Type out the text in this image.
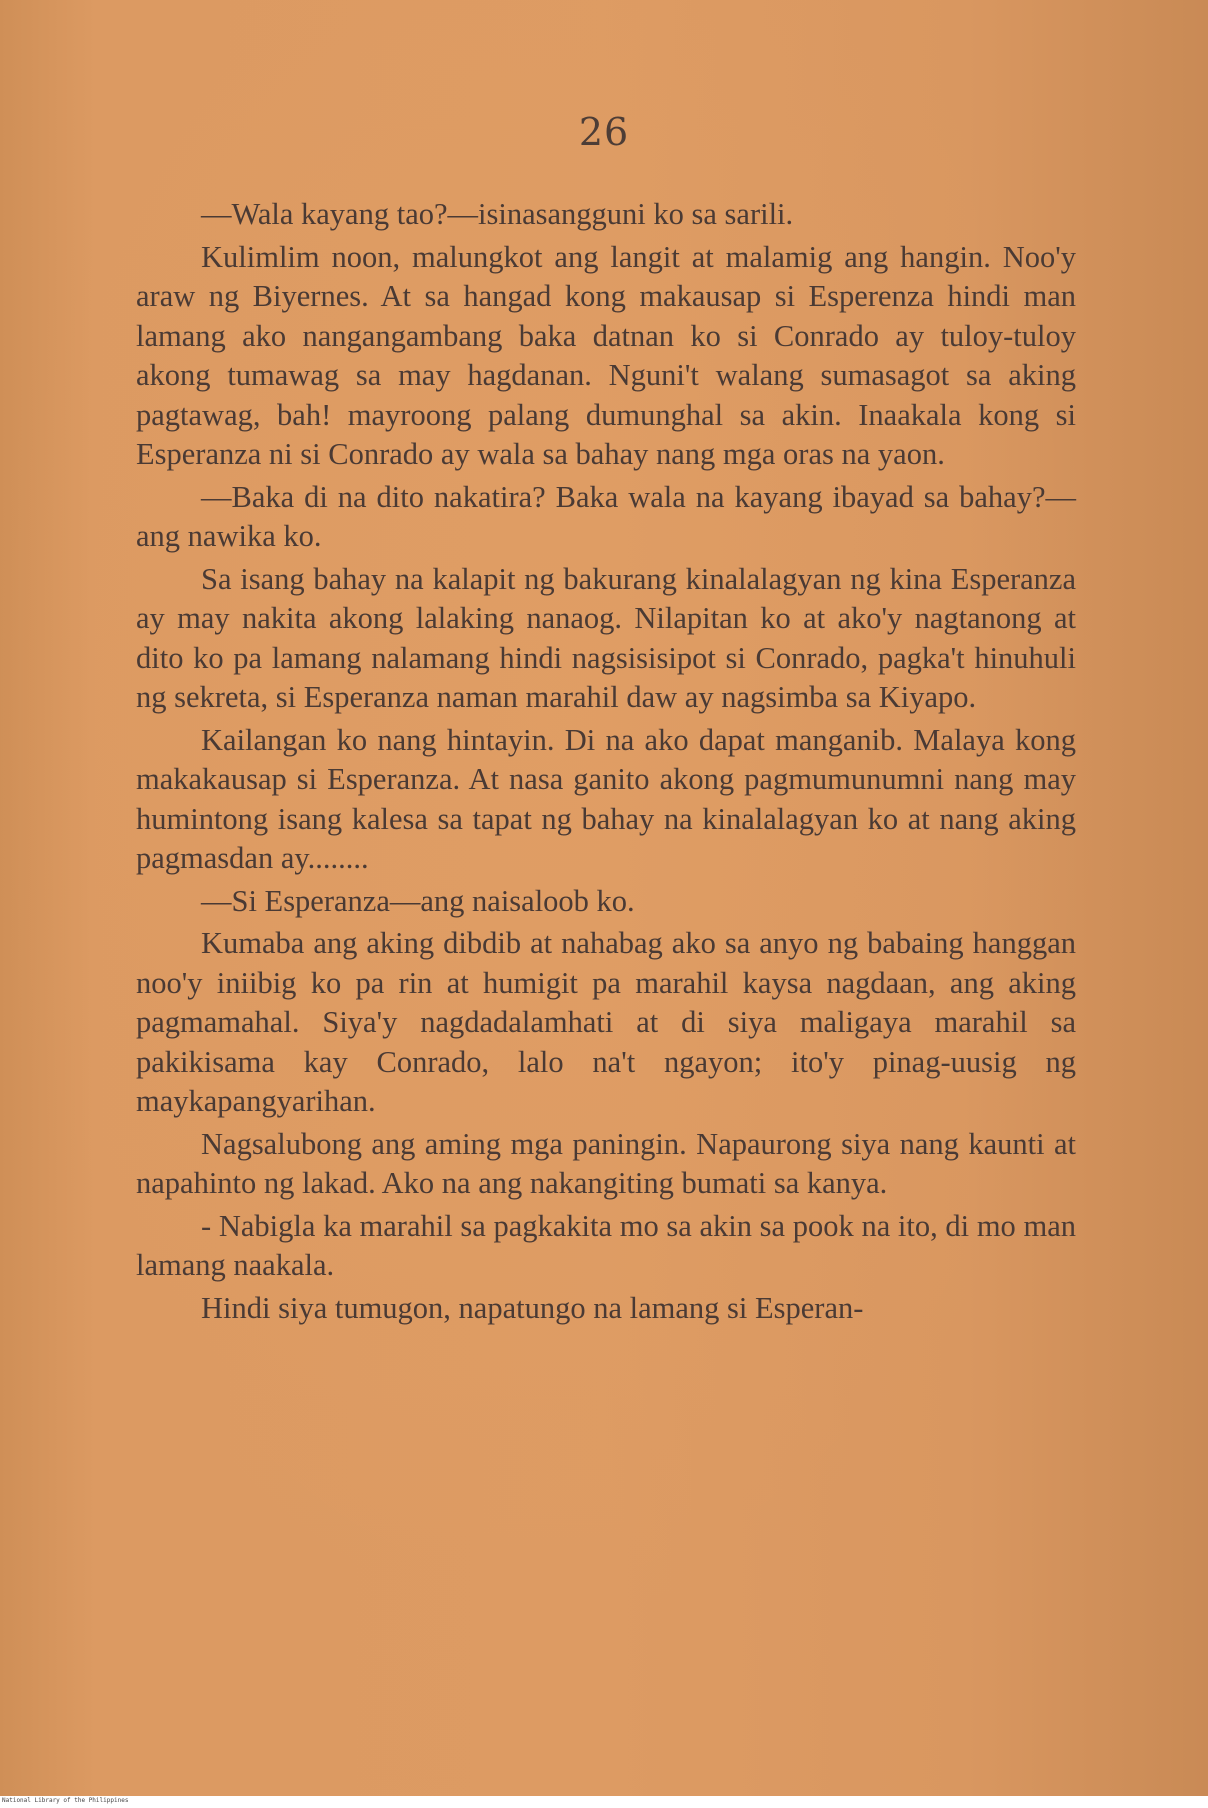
26

—Wala kayang tao?—isinasangguni ko sa sarili.

Kulimlim noon, malungkot ang langit at malamig ang hangin. Noo'y araw ng Biyernes. At sa hangad kong makausap si Esperenza hindi man lamang ako nangangambang baka datnan ko si Conrado ay tuloy-tuloy akong tumawag sa may hagdanan. Nguni't walang sumasagot sa aking pagtawag, bah! mayroong palang dumunghal sa akin. Inaakala kong si Esperanza ni si Conrado ay wala sa bahay nang mga oras na yaon.

—Baka di na dito nakatira? Baka wala na kayang ibayad sa bahay?—ang nawika ko.

Sa isang bahay na kalapit ng bakurang kinalalagyan ng kina Esperanza ay may nakita akong lalaking nanaog. Nilapitan ko at ako'y nagtanong at dito ko pa lamang nalamang hindi nagsisisipot si Conrado, pagka't hinuhuli ng sekreta, si Esperanza naman marahil daw ay nagsimba sa Kiyapo.

Kailangan ko nang hintayin. Di na ako dapat manganib. Malaya kong makakausap si Esperanza. At nasa ganito akong pagmumunumni nang may humintong isang kalesa sa tapat ng bahay na kinalalagyan ko at nang aking pagmasdan ay........

—Si Esperanza—ang naisaloob ko.

Kumaba ang aking dibdib at nahabag ako sa anyo ng babaing hanggan noo'y iniibig ko pa rin at humigit pa marahil kaysa nagdaan, ang aking pagmamahal. Siya'y nagdadalamhati at di siya maligaya marahil sa pakikisama kay Conrado, lalo na't ngayon; ito'y pinag-uusig ng maykapangyarihan.

Nagsalubong ang aming mga paningin. Napaurong siya nang kaunti at napahinto ng lakad. Ako na ang nakangiting bumati sa kanya.

- Nabigla ka marahil sa pagkakita mo sa akin sa pook na ito, di mo man lamang naakala.

Hindi siya tumugon, napatungo na lamang si Esperan-

National Library of the Philippines
